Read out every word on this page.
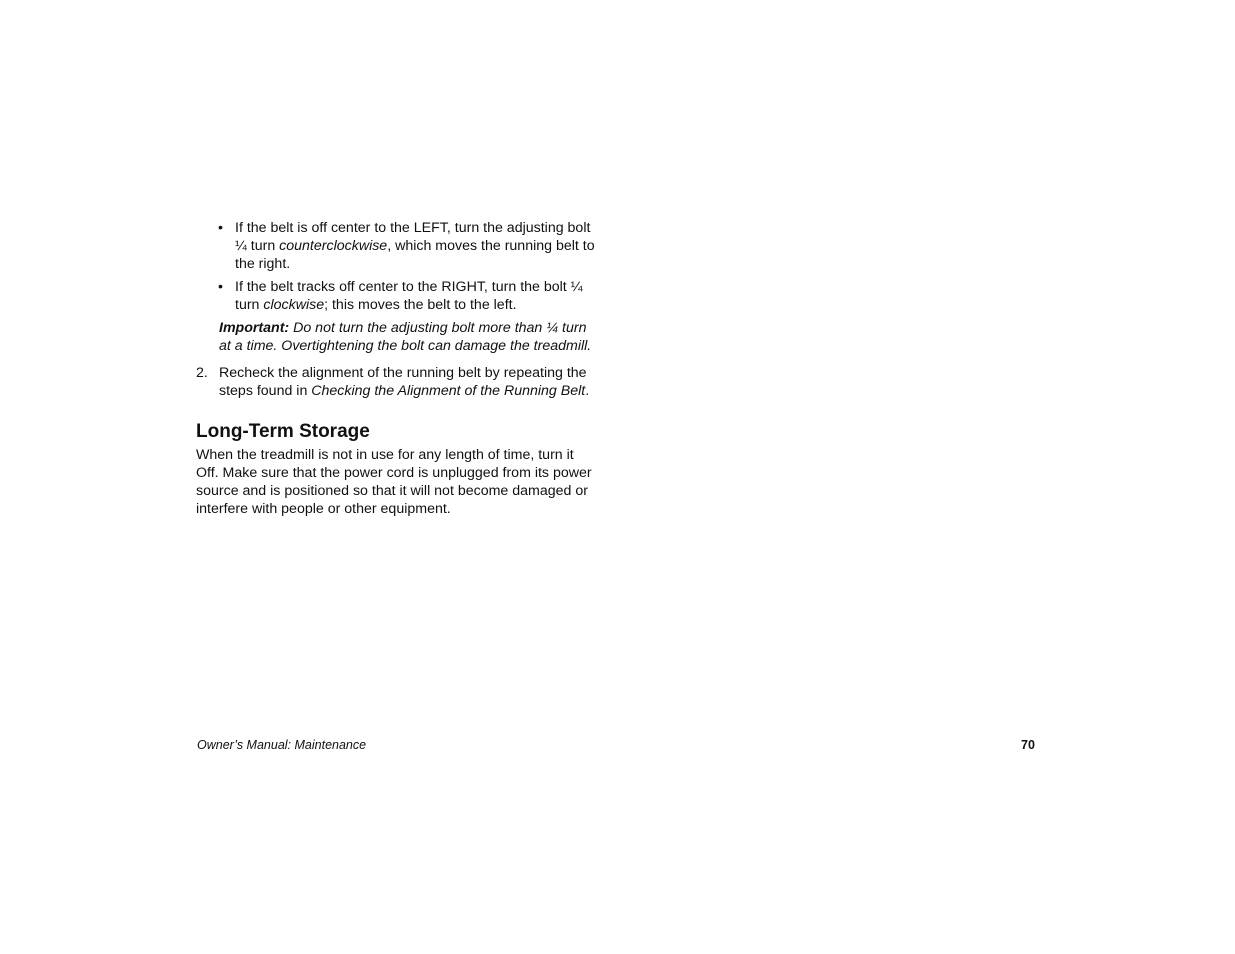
• If the belt is off center to the LEFT, turn the adjusting bolt ¼ turn counterclockwise, which moves the running belt to the right.
• If the belt tracks off center to the RIGHT, turn the bolt ¼ turn clockwise; this moves the belt to the left.

Important: Do not turn the adjusting bolt more than ¼ turn at a time. Overtightening the bolt can damage the treadmill.

2. Recheck the alignment of the running belt by repeating the steps found in Checking the Alignment of the Running Belt.
Long-Term Storage

When the treadmill is not in use for any length of time, turn it Off. Make sure that the power cord is unplugged from its power source and is positioned so that it will not become damaged or interfere with people or other equipment.

Owner’s Manual: Maintenance	70
